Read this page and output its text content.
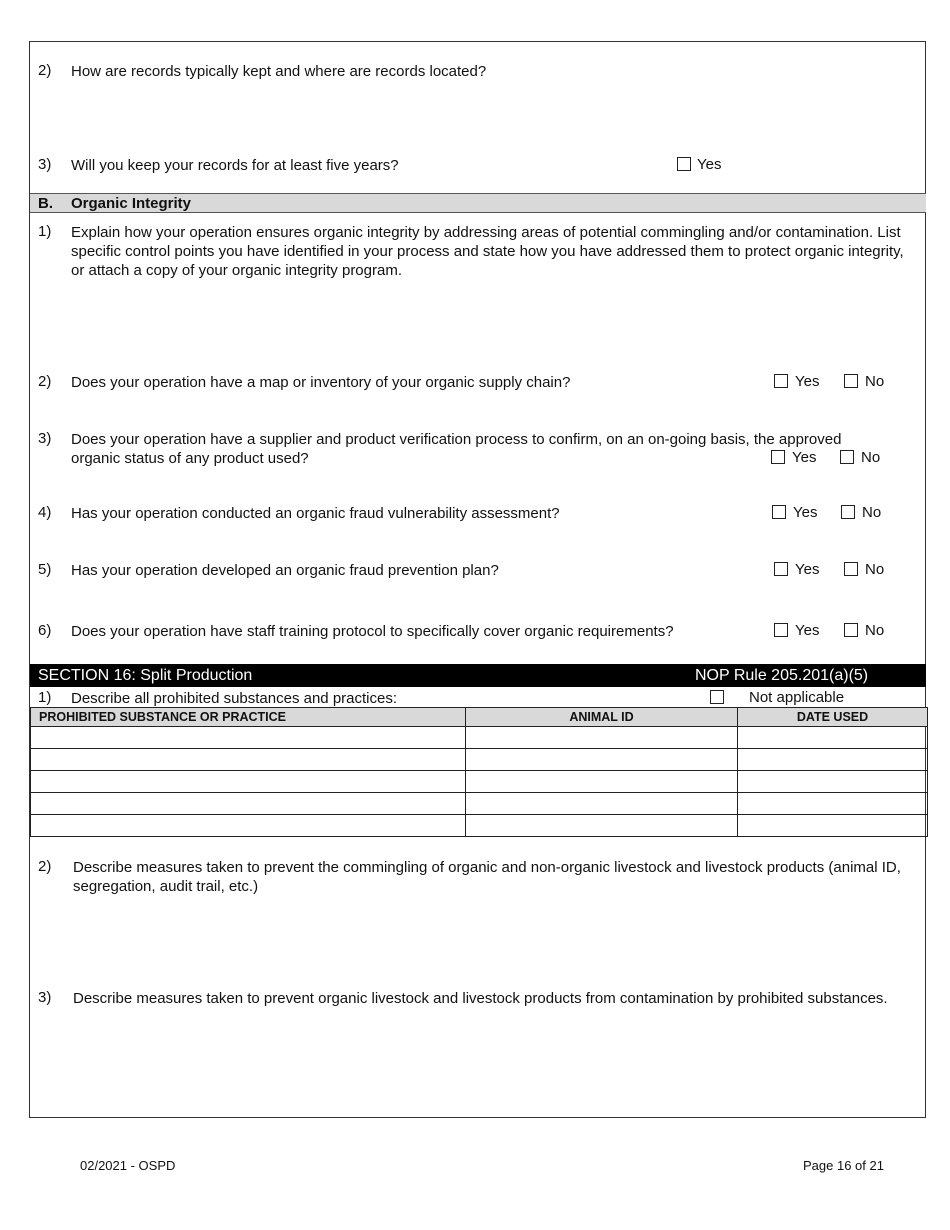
2) How are records typically kept and where are records located?
3) Will you keep your records for at least five years?	Yes
B. Organic Integrity
1) Explain how your operation ensures organic integrity by addressing areas of potential commingling and/or contamination. List specific control points you have identified in your process and state how you have addressed them to protect organic integrity, or attach a copy of your organic integrity program.
2) Does your operation have a map or inventory of your organic supply chain?	Yes	No
3) Does your operation have a supplier and product verification process to confirm, on an on-going basis, the approved
organic status of any product used?	Yes	No
4) Has your operation conducted an organic fraud vulnerability assessment?	Yes	No
5) Has your operation developed an organic fraud prevention plan?	Yes	No
6) Does your operation have staff training protocol to specifically cover organic requirements?	Yes	No
SECTION 16: Split Production	NOP Rule 205.201(a)(5)
1) Describe all prohibited substances and practices:	Not applicable
PROHIBITED SUBSTANCE OR PRACTICE	ANIMAL ID	DATE USED

2) Describe measures taken to prevent the commingling of organic and non-organic livestock and livestock products (animal ID, segregation, audit trail, etc.)
3) Describe measures taken to prevent organic livestock and livestock products from contamination by prohibited substances.
02/2021 - OSPD	Page 16 of 21
